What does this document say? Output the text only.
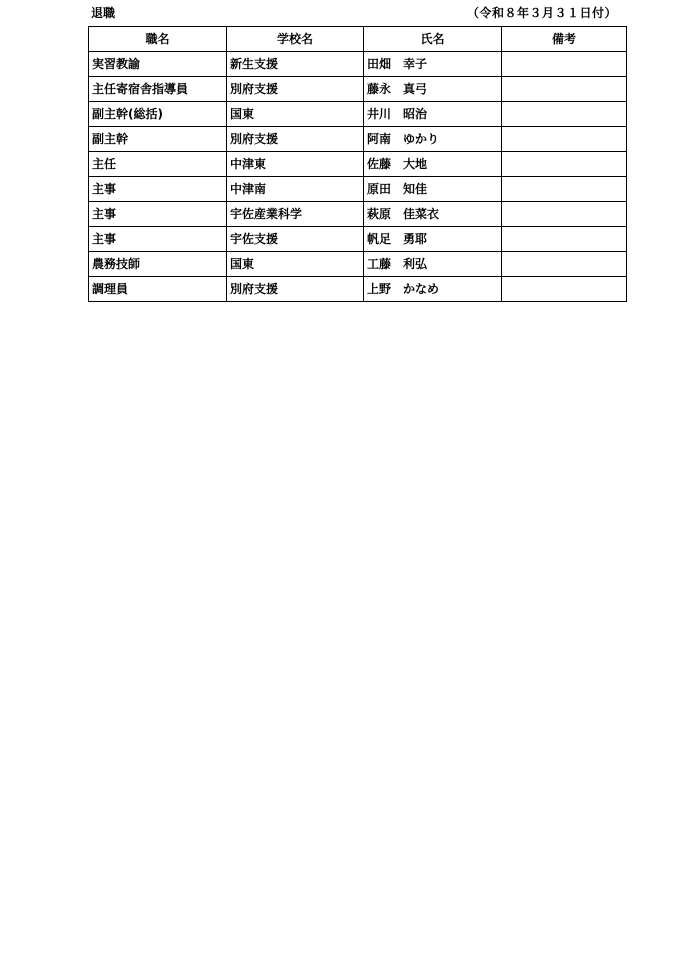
退職	（令和８年３月３１日付）
職名	学校名	氏名	備考
実習教諭	新生支援	田畑　幸子	
主任寄宿舎指導員	別府支援	藤永　真弓	
副主幹(総括)	国東	井川　昭治	
副主幹	別府支援	阿南　ゆかり	
主任	中津東	佐藤　大地	
主事	中津南	原田　知佳	
主事	宇佐産業科学	萩原　佳菜衣	
主事	宇佐支援	帆足　勇耶	
農務技師	国東	工藤　利弘	
調理員	別府支援	上野　かなめ	
